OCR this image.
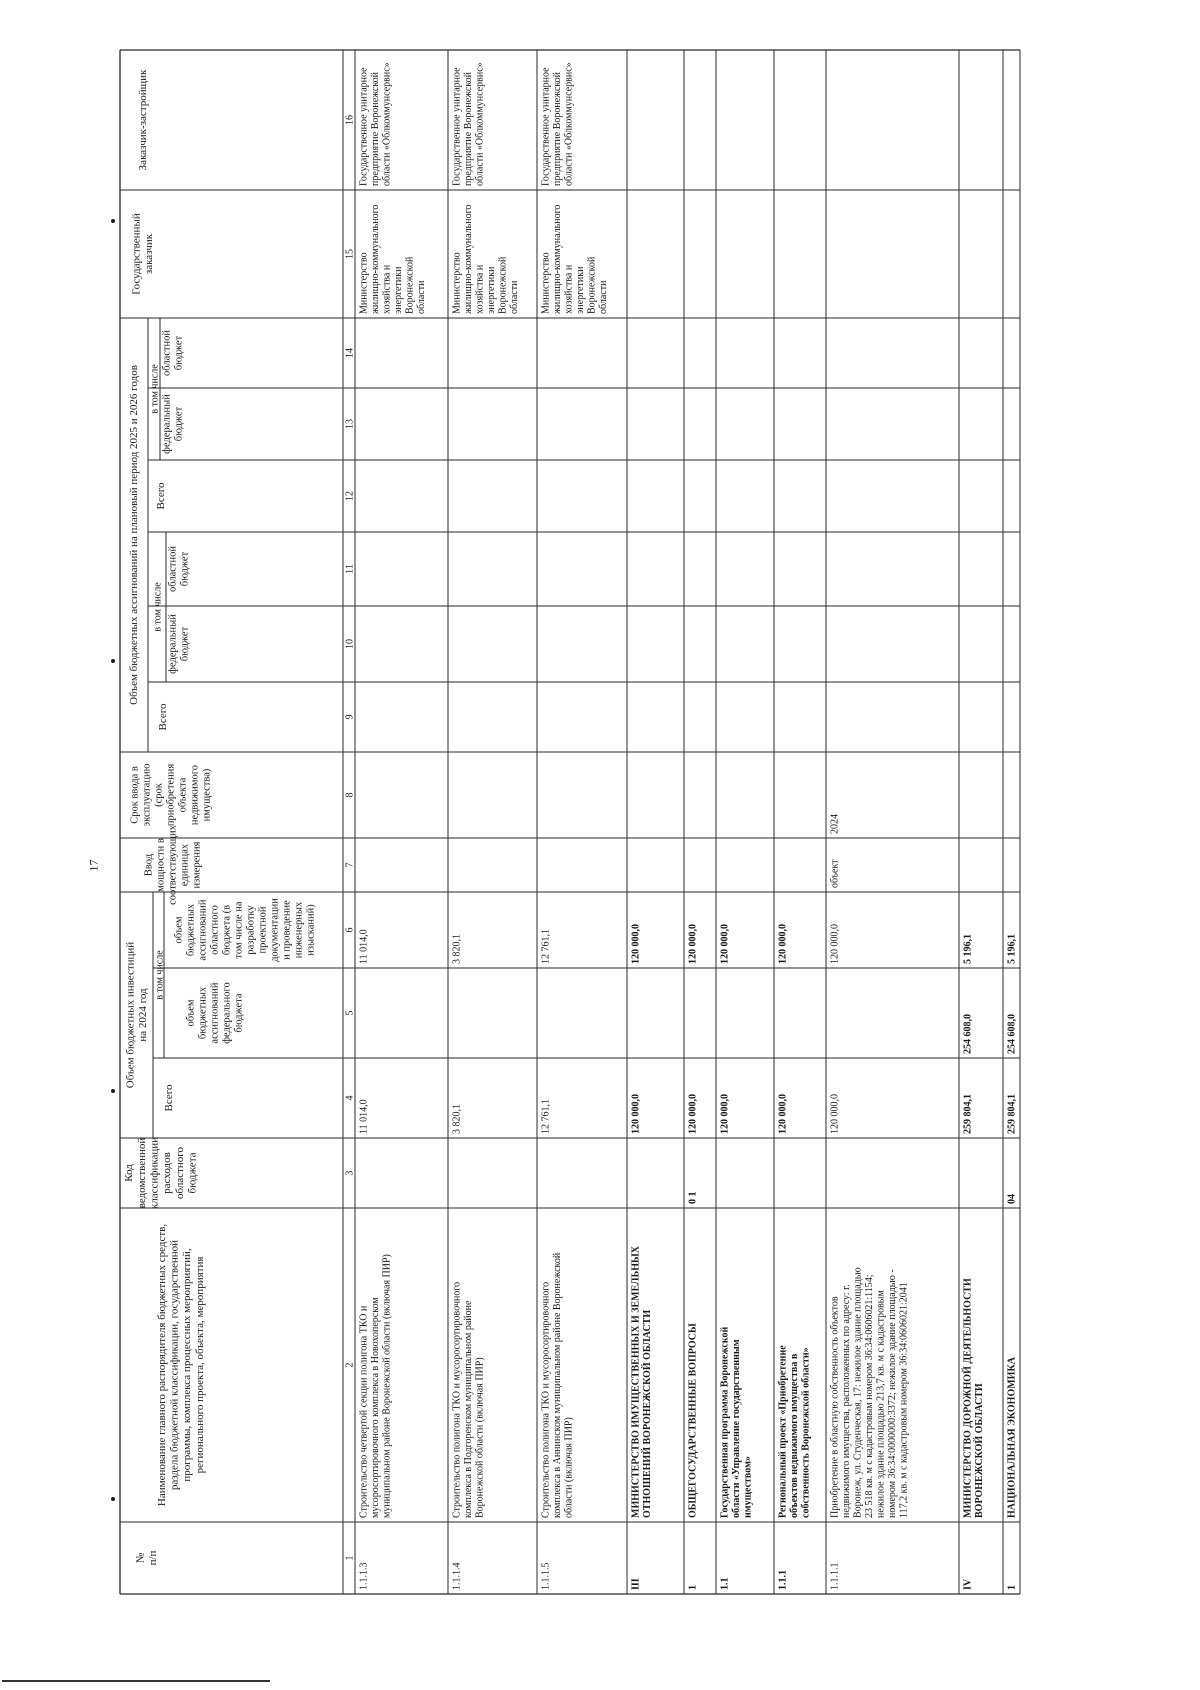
№п/п
Наименование главного распорядителя бюджетных средств,раздела бюджетной классификации, государственнойпрограммы, комплекса процессных мероприятий,регионального проекта, объекта, мероприятия
Кодведомственнойклассификациирасходовобластногобюджета
Объем бюджетных инвестицийна 2024 год
в том числе
Всего
объембюджетныхассигнованийфедеральногобюджета
объембюджетныхассигнованийобластногобюджета (втом числе наразработкупроектнойдокументациии проведениеинженерныхизысканий)
Вводмощности всоответствующихединицахизмерения
Срок ввода вэксплуатацию(срокприобретенияобъектанедвижимогоимущества)
Объем бюджетных ассигнований на плановый период 2025 и 2026 годов в том числе
в том числе
Всего
федеральныйбюджет
областнойбюджет
Всего
федеральныйбюджет
областнойбюджет
Государственныйзаказчик
Заказчик-застройщик
1
2
3
4
5
6
7
8
9
10
11
12
13
14
15
16
1.1.1.3
Строительство четвертой секции полигона ТКО имусоросортировочного комплекса в Новохоперскоммуниципальном районе Воронежской области (включая ПИР)
11 014,0
11 014,0
Министерствожилищно-коммунальногохозяйства иэнергетикиВоронежскойобласти
Государственное унитарноепредприятие Воронежскойобласти «Облкоммунсервис»
1.1.1.4
Строительство полигона ТКО и мусоросортировочногокомплекса в Подгоренском муниципальном районеВоронежской области (включая ПИР)
3 820,1
3 820,1
Министерствожилищно-коммунальногохозяйства иэнергетикиВоронежскойобласти
Государственное унитарноепредприятие Воронежскойобласти «Облкоммунсервис»
1.1.1.5
Строительство полигона ТКО и мусоросортировочногокомплекса в Аннинском муниципальном районе Воронежскойобласти (включая ПИР)
12 761,1
12 761,1
Министерствожилищно-коммунальногохозяйства иэнергетикиВоронежскойобласти
Государственное унитарноепредприятие Воронежскойобласти «Облкоммунсервис»
III
МИНИСТЕРСТВО ИМУЩЕСТВЕННЫХ И ЗЕМЕЛЬНЫХОТНОШЕНИЙ ВОРОНЕЖСКОЙ ОБЛАСТИ
120 000,0
120 000,0
1
ОБЩЕГОСУДАРСТВЕННЫЕ ВОПРОСЫ
0 1
120 000,0
120 000,0
1.1
Государственная программа Воронежскойобласти «Управление государственнымимуществом»
120 000,0
120 000,0
1.1.1
Региональный проект «Приобретениеобъектов недвижимого имущества всобственность Воронежской области»
120 000,0
120 000,0
1.1.1.1
Приобретение в областную собственность объектовнедвижимого имущества, расположенных по адресу: г.Воронеж, ул. Студенческая, 17: нежилое здание площадью23 518 кв. м с кадастровым номером 36:34:0606021:1154;нежилое здание площадью 213,7 кв. м с кадастровымномером 36:34:0000000:3372; нежилое здание площадью -117,2 кв. м с кадастровым номером 36:34:0606021:2041
120 000,0
120 000,0
объект
2024
IV
МИНИСТЕРСТВО ДОРОЖНОЙ ДЕЯТЕЛЬНОСТИВОРОНЕЖСКОЙ ОБЛАСТИ
259 804,1
254 608,0
5 196,1
1
НАЦИОНАЛЬНАЯ ЭКОНОМИКА
04
259 804,1
254 608,0
5 196,1
17
